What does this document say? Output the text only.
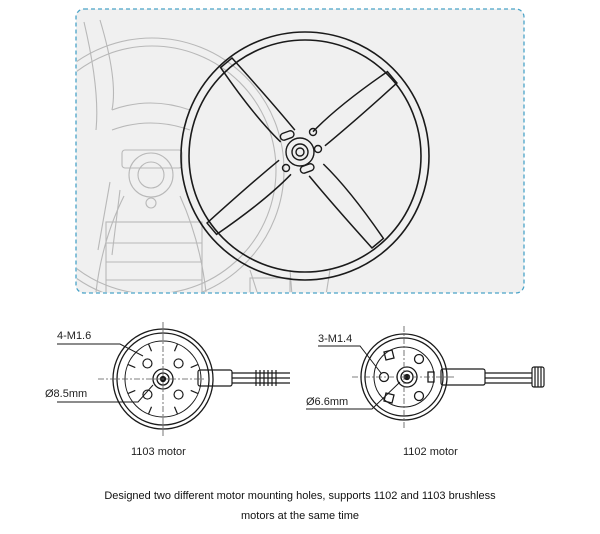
4-M1.6
Ø8.5mm
3-M1.4
Ø6.6mm
1103 motor	1102 motor
Designed two different motor mounting holes, supports 1102 and 1103 brushless
motors at the same time
